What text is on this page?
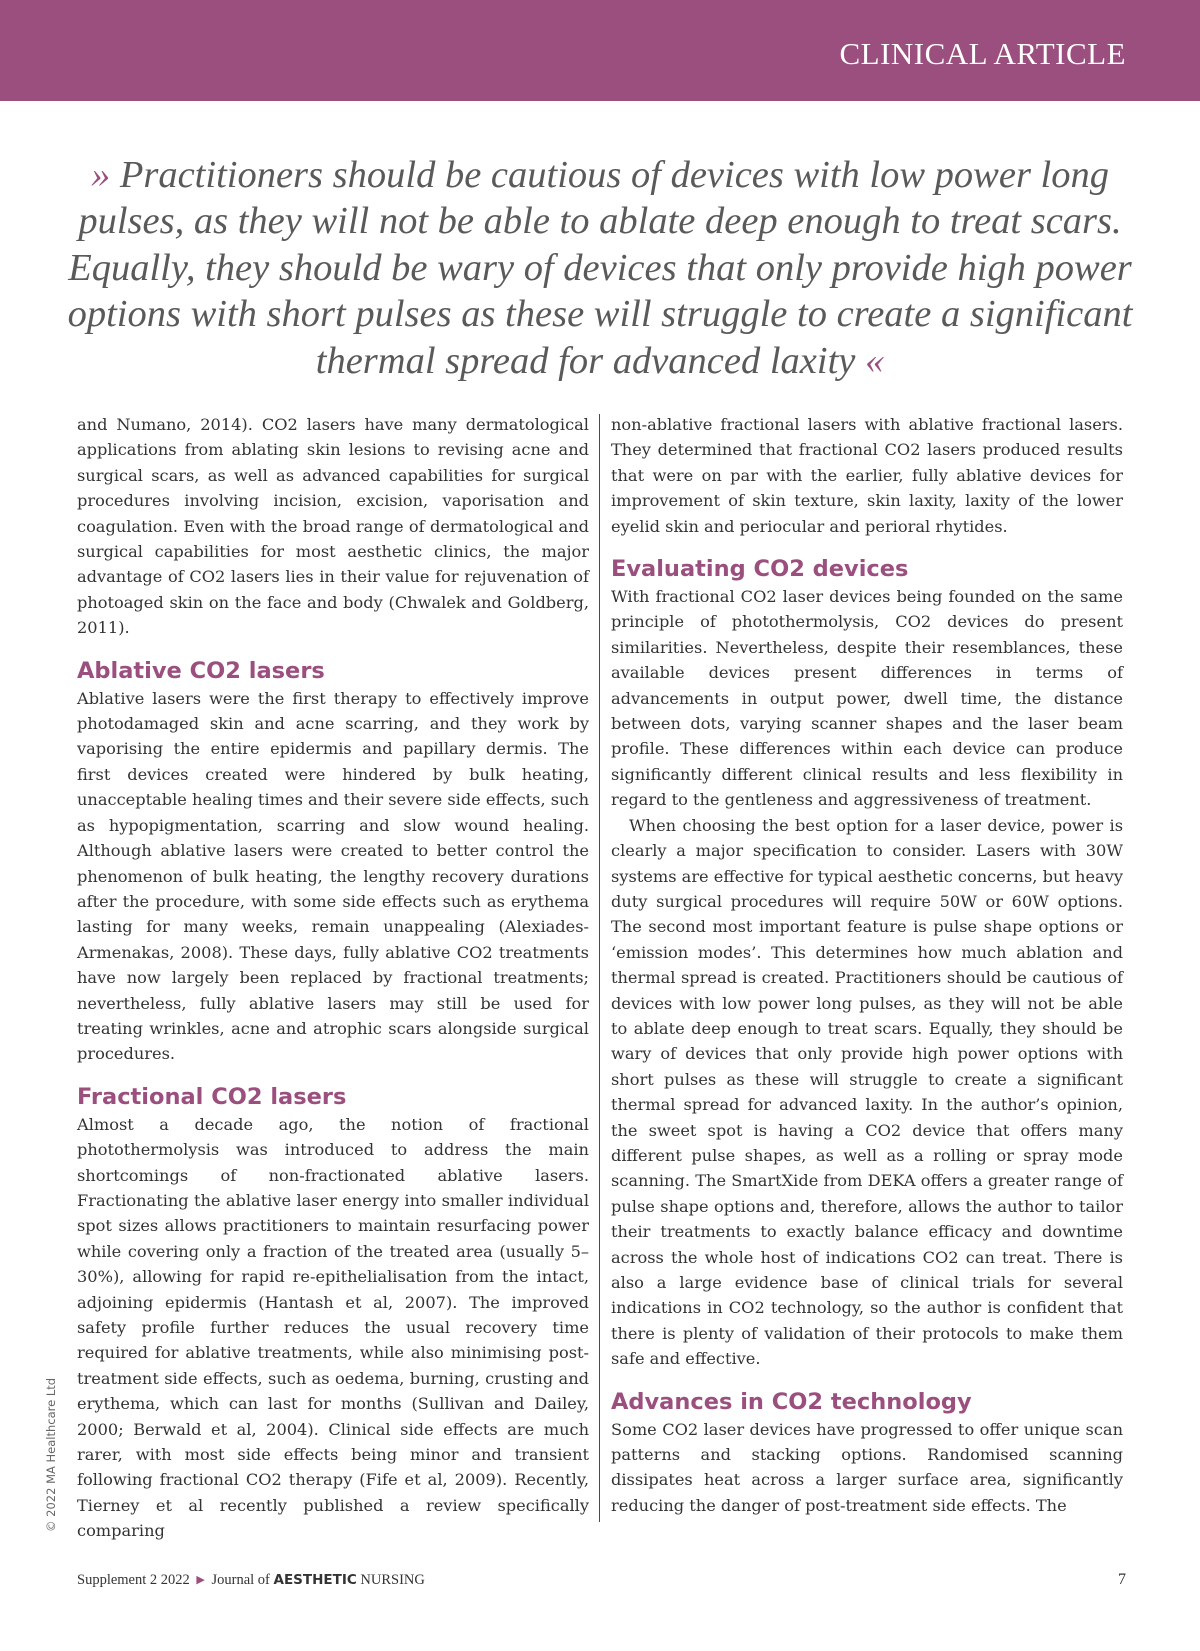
CLINICAL ARTICLE

» Practitioners should be cautious of devices with low power long pulses, as they will not be able to ablate deep enough to treat scars. Equally, they should be wary of devices that only provide high power options with short pulses as these will struggle to create a significant thermal spread for advanced laxity «

and Numano, 2014). CO2 lasers have many dermatological applications from ablating skin lesions to revising acne and surgical scars, as well as advanced capabilities for surgical procedures involving incision, excision, vaporisation and coagulation. Even with the broad range of dermatological and surgical capabilities for most aesthetic clinics, the major advantage of CO2 lasers lies in their value for rejuvenation of photoaged skin on the face and body (Chwalek and Goldberg, 2011).

Ablative CO2 lasers

Ablative lasers were the first therapy to effectively improve photodamaged skin and acne scarring, and they work by vaporising the entire epidermis and papillary dermis. The first devices created were hindered by bulk heating, unacceptable healing times and their severe side effects, such as hypopigmentation, scarring and slow wound healing. Although ablative lasers were created to better control the phenomenon of bulk heating, the lengthy recovery durations after the procedure, with some side effects such as erythema lasting for many weeks, remain unappealing (Alexiades-Armenakas, 2008). These days, fully ablative CO2 treatments have now largely been replaced by fractional treatments; nevertheless, fully ablative lasers may still be used for treating wrinkles, acne and atrophic scars alongside surgical procedures.

Fractional CO2 lasers

Almost a decade ago, the notion of fractional photothermolysis was introduced to address the main shortcomings of non-fractionated ablative lasers. Fractionating the ablative laser energy into smaller individual spot sizes allows practitioners to maintain resurfacing power while covering only a fraction of the treated area (usually 5–30%), allowing for rapid re-epithelialisation from the intact, adjoining epidermis (Hantash et al, 2007). The improved safety profile further reduces the usual recovery time required for ablative treatments, while also minimising post-treatment side effects, such as oedema, burning, crusting and erythema, which can last for months (Sullivan and Dailey, 2000; Berwald et al, 2004). Clinical side effects are much rarer, with most side effects being minor and transient following fractional CO2 therapy (Fife et al, 2009). Recently, Tierney et al recently published a review specifically comparing

non-ablative fractional lasers with ablative fractional lasers. They determined that fractional CO2 lasers produced results that were on par with the earlier, fully ablative devices for improvement of skin texture, skin laxity, laxity of the lower eyelid skin and periocular and perioral rhytides.

Evaluating CO2 devices

With fractional CO2 laser devices being founded on the same principle of photothermolysis, CO2 devices do present similarities. Nevertheless, despite their resemblances, these available devices present differences in terms of advancements in output power, dwell time, the distance between dots, varying scanner shapes and the laser beam profile. These differences within each device can produce significantly different clinical results and less flexibility in regard to the gentleness and aggressiveness of treatment.

When choosing the best option for a laser device, power is clearly a major specification to consider. Lasers with 30W systems are effective for typical aesthetic concerns, but heavy duty surgical procedures will require 50W or 60W options. The second most important feature is pulse shape options or ‘emission modes’. This determines how much ablation and thermal spread is created. Practitioners should be cautious of devices with low power long pulses, as they will not be able to ablate deep enough to treat scars. Equally, they should be wary of devices that only provide high power options with short pulses as these will struggle to create a significant thermal spread for advanced laxity. In the author’s opinion, the sweet spot is having a CO2 device that offers many different pulse shapes, as well as a rolling or spray mode scanning. The SmartXide from DEKA offers a greater range of pulse shape options and, therefore, allows the author to tailor their treatments to exactly balance efficacy and downtime across the whole host of indications CO2 can treat. There is also a large evidence base of clinical trials for several indications in CO2 technology, so the author is confident that there is plenty of validation of their protocols to make them safe and effective.

Advances in CO2 technology

Some CO2 laser devices have progressed to offer unique scan patterns and stacking options. Randomised scanning dissipates heat across a larger surface area, significantly reducing the danger of post-treatment side effects. The

© 2022 MA Healthcare Ltd
Supplement 2 2022 ▶ Journal of AESTHETIC NURSING	7
